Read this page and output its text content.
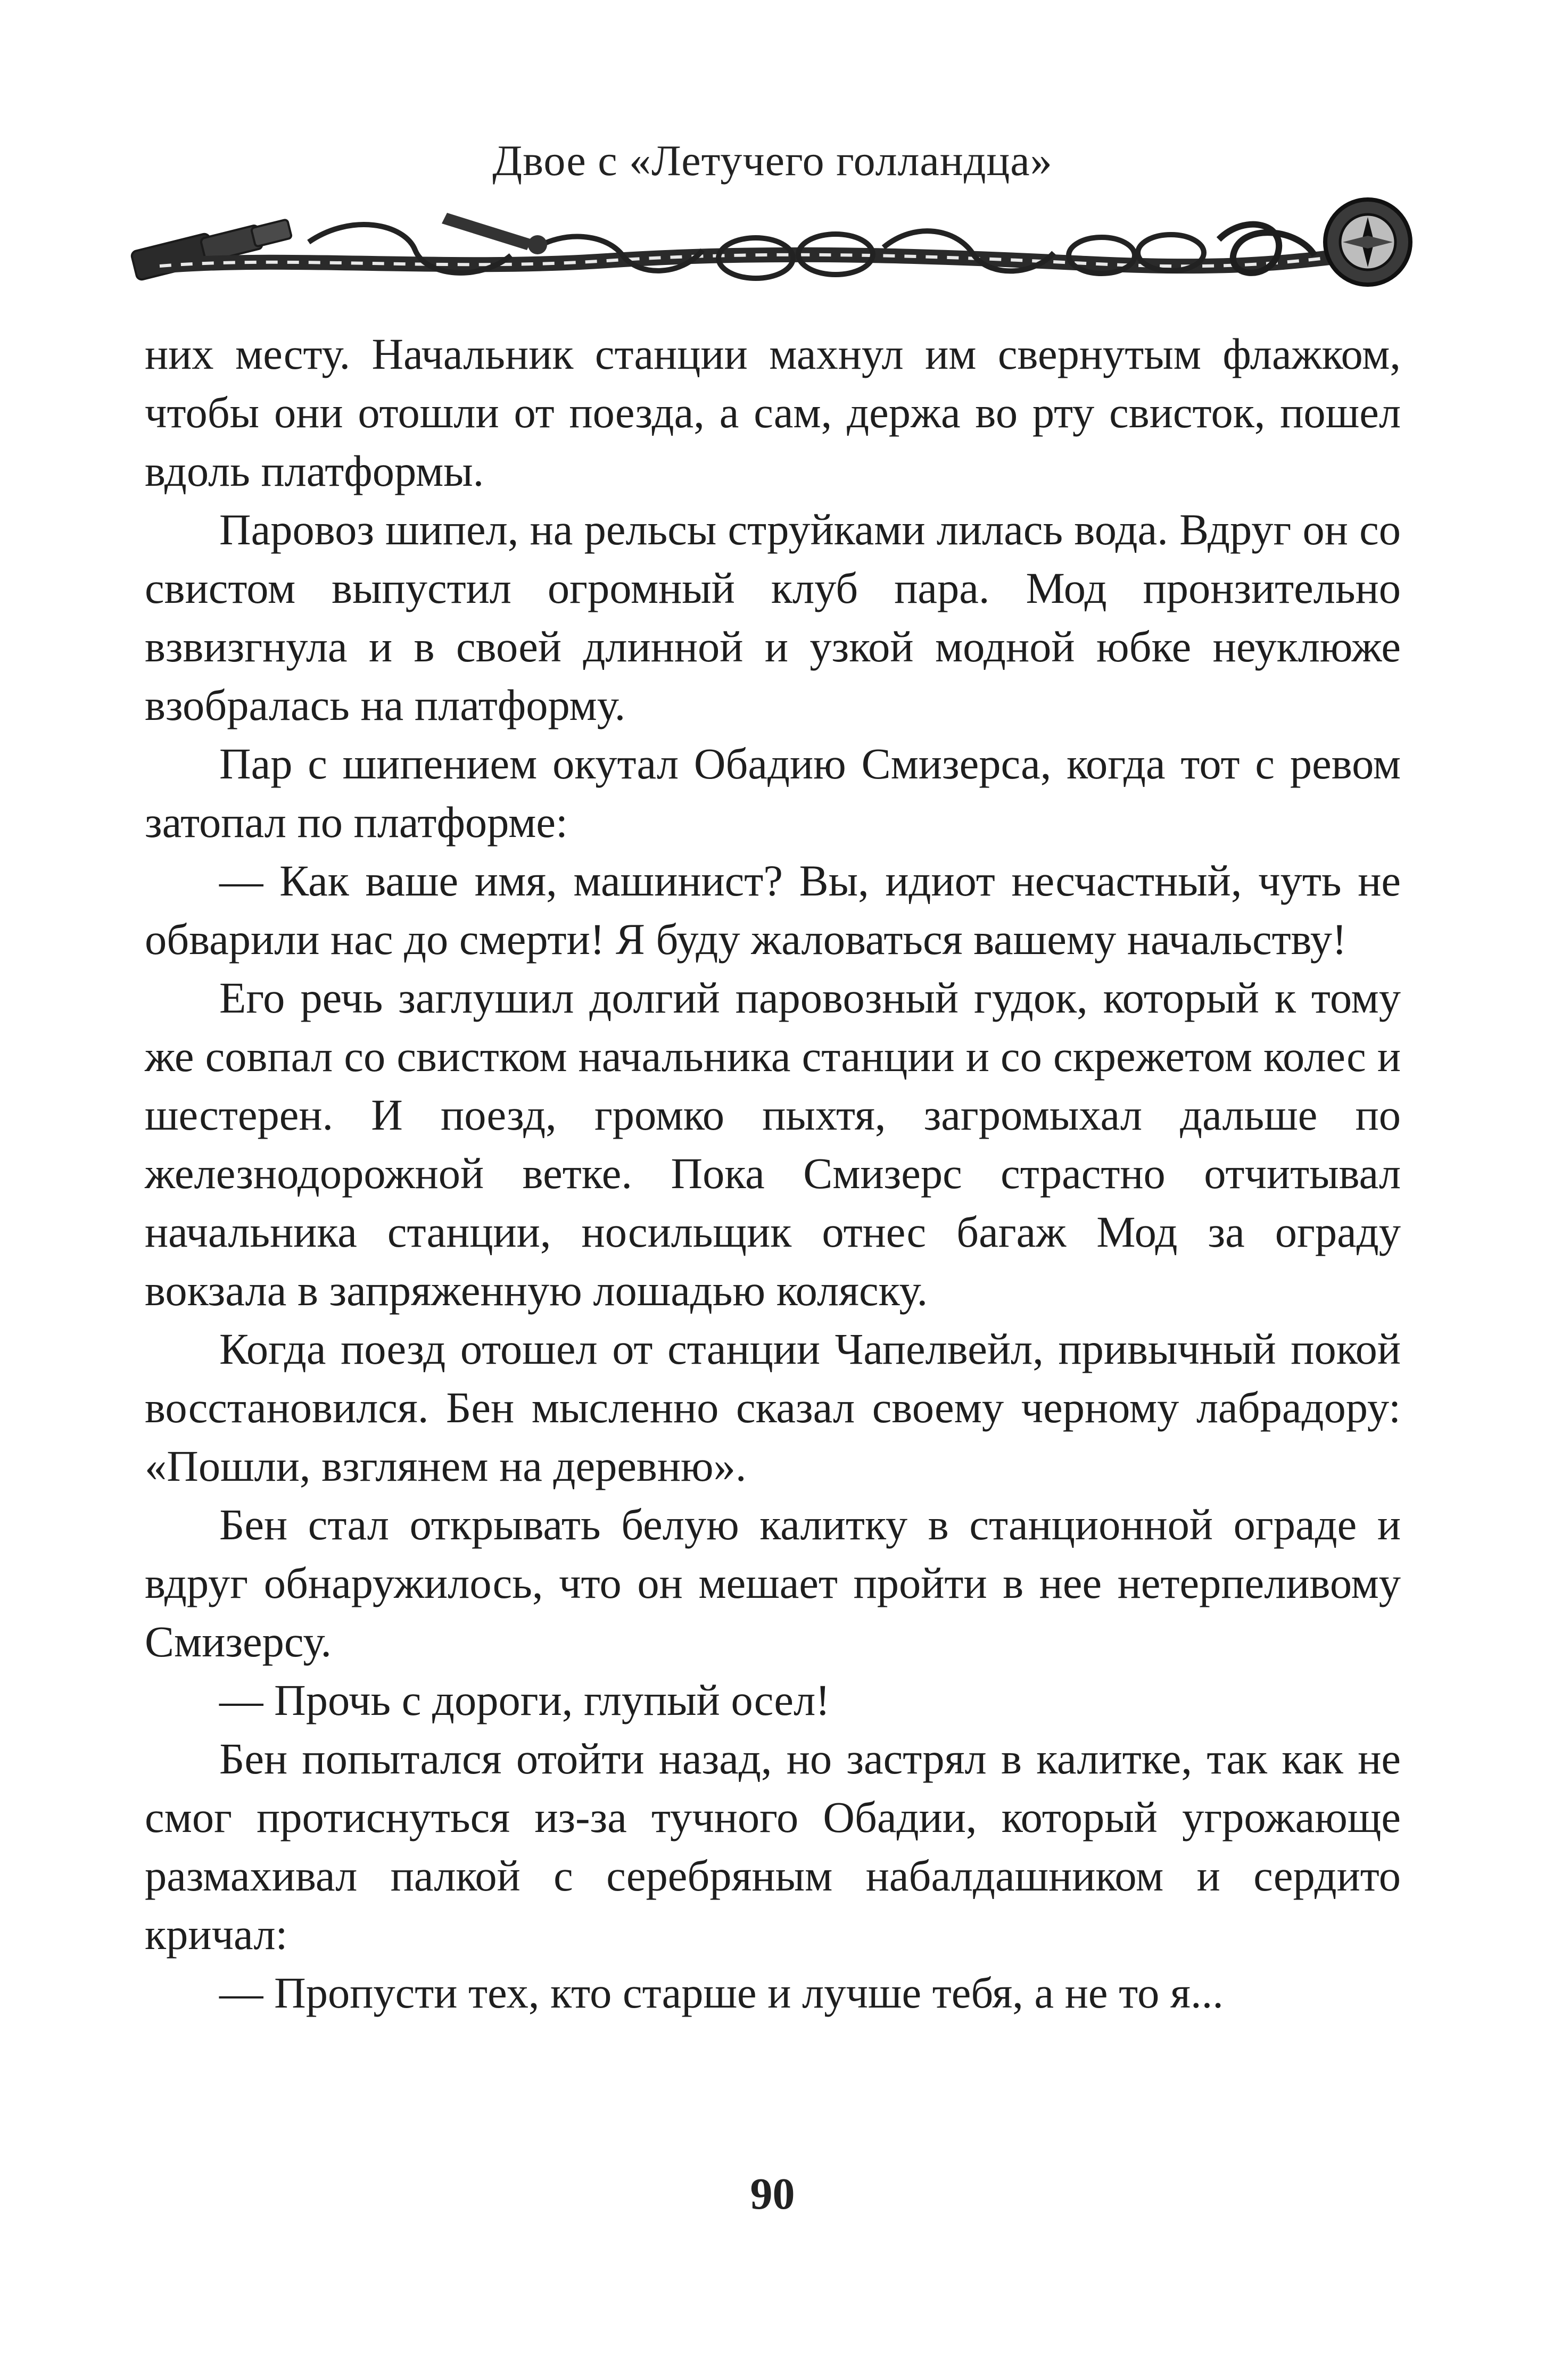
Двое с «Летучего голландца»

них месту. Начальник станции махнул им свернутым флажком, чтобы они отошли от поезда, а сам, держа во рту свисток, пошел вдоль платформы.

Паровоз шипел, на рельсы струйками лилась вода. Вдруг он со свистом выпустил огромный клуб пара. Мод пронзительно взвизгнула и в своей длинной и узкой модной юбке неуклюже взобралась на платформу.

Пар с шипением окутал Обадию Смизерса, когда тот с ревом затопал по платформе:

— Как ваше имя, машинист? Вы, идиот несчастный, чуть не обварили нас до смерти! Я буду жаловаться вашему начальству!

Его речь заглушил долгий паровозный гудок, который к тому же совпал со свистком начальника станции и со скрежетом колес и шестерен. И поезд, громко пыхтя, загромыхал дальше по железнодорожной ветке. Пока Смизерс страстно отчитывал начальника станции, носильщик отнес багаж Мод за ограду вокзала в запряженную лошадью коляску.

Когда поезд отошел от станции Чапелвейл, привычный покой восстановился. Бен мысленно сказал своему черному лабрадору: «Пошли, взглянем на деревню».

Бен стал открывать белую калитку в станционной ограде и вдруг обнаружилось, что он мешает пройти в нее нетерпеливому Смизерсу.

— Прочь с дороги, глупый осел!

Бен попытался отойти назад, но застрял в калитке, так как не смог протиснуться из-за тучного Обадии, который угрожающе размахивал палкой с серебряным набалдашником и сердито кричал:

— Пропусти тех, кто старше и лучше тебя, а не то я...

90
